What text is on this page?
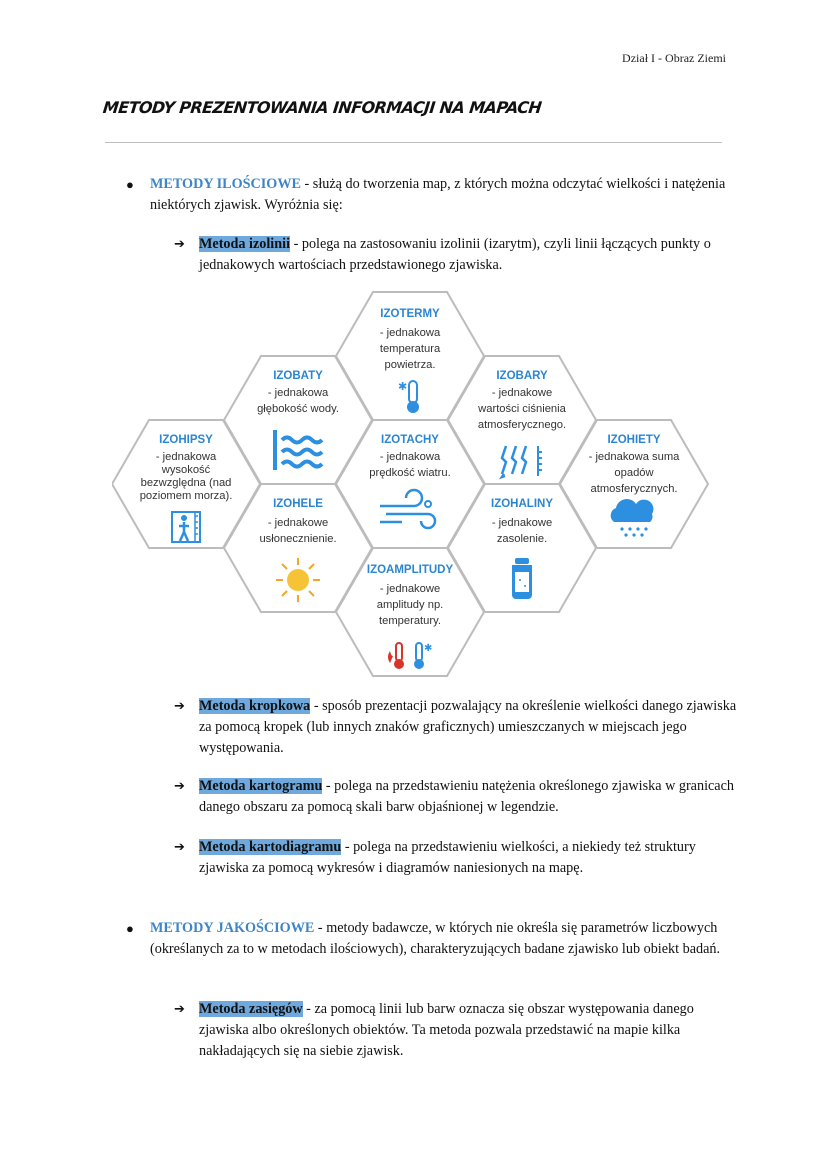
Dział I - Obraz Ziemi
METODY PREZENTOWANIA INFORMACJI NA MAPACH
● METODY ILOŚCIOWE - służą do tworzenia map, z których można odczytać wielkości i natężenia niektórych zjawisk. Wyróżnia się:
➔ Metoda izolinii - polega na zastosowaniu izolinii (izarytm), czyli linii łączących punkty o jednakowych wartościach przedstawionego zjawiska.
IZOTERMY
- jednakowa
temperatura
powietrza.
✱
IZOBATY
- jednakowa
głębokość wody.
IZOBARY
- jednakowe
wartości ciśnienia
atmosferycznego.
IZOHIPSY
- jednakowa
wysokość
bezwzględna (nad
poziomem morza).
IZOTACHY
- jednakowa
prędkość wiatru.
IZOHIETY
- jednakowa suma
opadów
atmosferycznych.
IZOHELE
- jednakowe
usłonecznienie.
IZOHALINY
- jednakowe
zasolenie.
IZOAMPLITUDY
- jednakowe
amplitudy np.
temperatury.
✱
➔ Metoda kropkowa - sposób prezentacji pozwalający na określenie wielkości danego zjawiska za pomocą kropek (lub innych znaków graficznych) umieszczanych w miejscach jego występowania.
➔ Metoda kartogramu - polega na przedstawieniu natężenia określonego zjawiska w granicach danego obszaru za pomocą skali barw objaśnionej w legendzie.
➔ Metoda kartodiagramu - polega na przedstawieniu wielkości, a niekiedy też struktury zjawiska za pomocą wykresów i diagramów naniesionych na mapę.
● METODY JAKOŚCIOWE - metody badawcze, w których nie określa się parametrów liczbowych (określanych za to w metodach ilościowych), charakteryzujących badane zjawisko lub obiekt badań.
➔ Metoda zasięgów - za pomocą linii lub barw oznacza się obszar występowania danego zjawiska albo określonych obiektów. Ta metoda pozwala przedstawić na mapie kilka nakładających się na siebie zjawisk.
